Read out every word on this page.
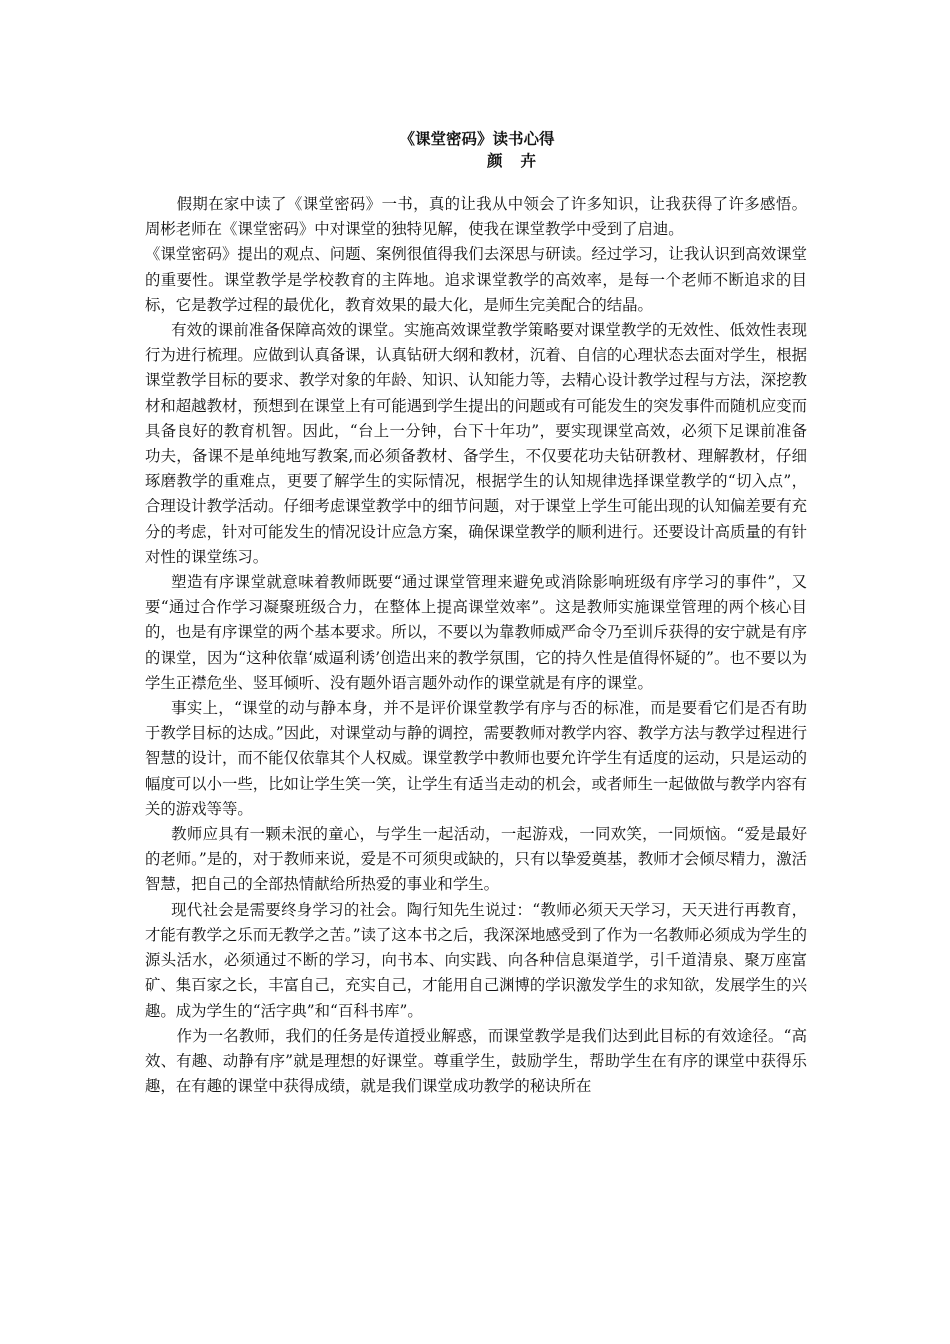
《课堂密码》读书心得

颜 卉

假期在家中读了《课堂密码》一书，真的让我从中领会了许多知识，让我获得了许多感悟。周彬老师在《课堂密码》中对课堂的独特见解，使我在课堂教学中受到了启迪。

《课堂密码》提出的观点、问题、案例很值得我们去深思与研读。经过学习，让我认识到高效课堂的重要性。课堂教学是学校教育的主阵地。追求课堂教学的高效率，是每一个老师不断追求的目标，它是教学过程的最优化，教育效果的最大化，是师生完美配合的结晶。

有效的课前准备保障高效的课堂。实施高效课堂教学策略要对课堂教学的无效性、低效性表现行为进行梳理。应做到认真备课，认真钻研大纲和教材，沉着、自信的心理状态去面对学生，根据课堂教学目标的要求、教学对象的年龄、知识、认知能力等，去精心设计教学过程与方法，深挖教材和超越教材，预想到在课堂上有可能遇到学生提出的问题或有可能发生的突发事件而随机应变而具备良好的教育机智。因此，“台上一分钟，台下十年功”，要实现课堂高效，必须下足课前准备功夫，备课不是单纯地写教案,而必须备教材、备学生，不仅要花功夫钻研教材、理解教材，仔细琢磨教学的重难点，更要了解学生的实际情况，根据学生的认知规律选择课堂教学的“切入点”，合理设计教学活动。仔细考虑课堂教学中的细节问题，对于课堂上学生可能出现的认知偏差要有充分的考虑，针对可能发生的情况设计应急方案，确保课堂教学的顺利进行。还要设计高质量的有针对性的课堂练习。

塑造有序课堂就意味着教师既要“通过课堂管理来避免或消除影响班级有序学习的事件”，又要“通过合作学习凝聚班级合力，在整体上提高课堂效率”。这是教师实施课堂管理的两个核心目的，也是有序课堂的两个基本要求。所以，不要以为靠教师威严命令乃至训斥获得的安宁就是有序的课堂，因为“这种依靠‘威逼利诱’创造出来的教学氛围，它的持久性是值得怀疑的”。也不要以为学生正襟危坐、竖耳倾听、没有题外语言题外动作的课堂就是有序的课堂。

事实上，“课堂的动与静本身，并不是评价课堂教学有序与否的标准，而是要看它们是否有助于教学目标的达成。”因此，对课堂动与静的调控，需要教师对教学内容、教学方法与教学过程进行智慧的设计，而不能仅依靠其个人权威。课堂教学中教师也要允许学生有适度的运动，只是运动的幅度可以小一些，比如让学生笑一笑，让学生有适当走动的机会，或者师生一起做做与教学内容有关的游戏等等。

教师应具有一颗未泯的童心，与学生一起活动，一起游戏，一同欢笑，一同烦恼。“爱是最好的老师。”是的，对于教师来说，爱是不可须臾或缺的，只有以挚爱奠基，教师才会倾尽精力，激活智慧，把自己的全部热情献给所热爱的事业和学生。

现代社会是需要终身学习的社会。陶行知先生说过：“教师必须天天学习，天天进行再教育，才能有教学之乐而无教学之苦。”读了这本书之后，我深深地感受到了作为一名教师必须成为学生的源头活水，必须通过不断的学习，向书本、向实践、向各种信息渠道学，引千道清泉、聚万座富矿、集百家之长，丰富自己，充实自己，才能用自己渊博的学识激发学生的求知欲，发展学生的兴趣。成为学生的“活字典”和“百科书库”。

作为一名教师，我们的任务是传道授业解惑，而课堂教学是我们达到此目标的有效途径。“高效、有趣、动静有序”就是理想的好课堂。尊重学生，鼓励学生，帮助学生在有序的课堂中获得乐趣，在有趣的课堂中获得成绩，就是我们课堂成功教学的秘诀所在
